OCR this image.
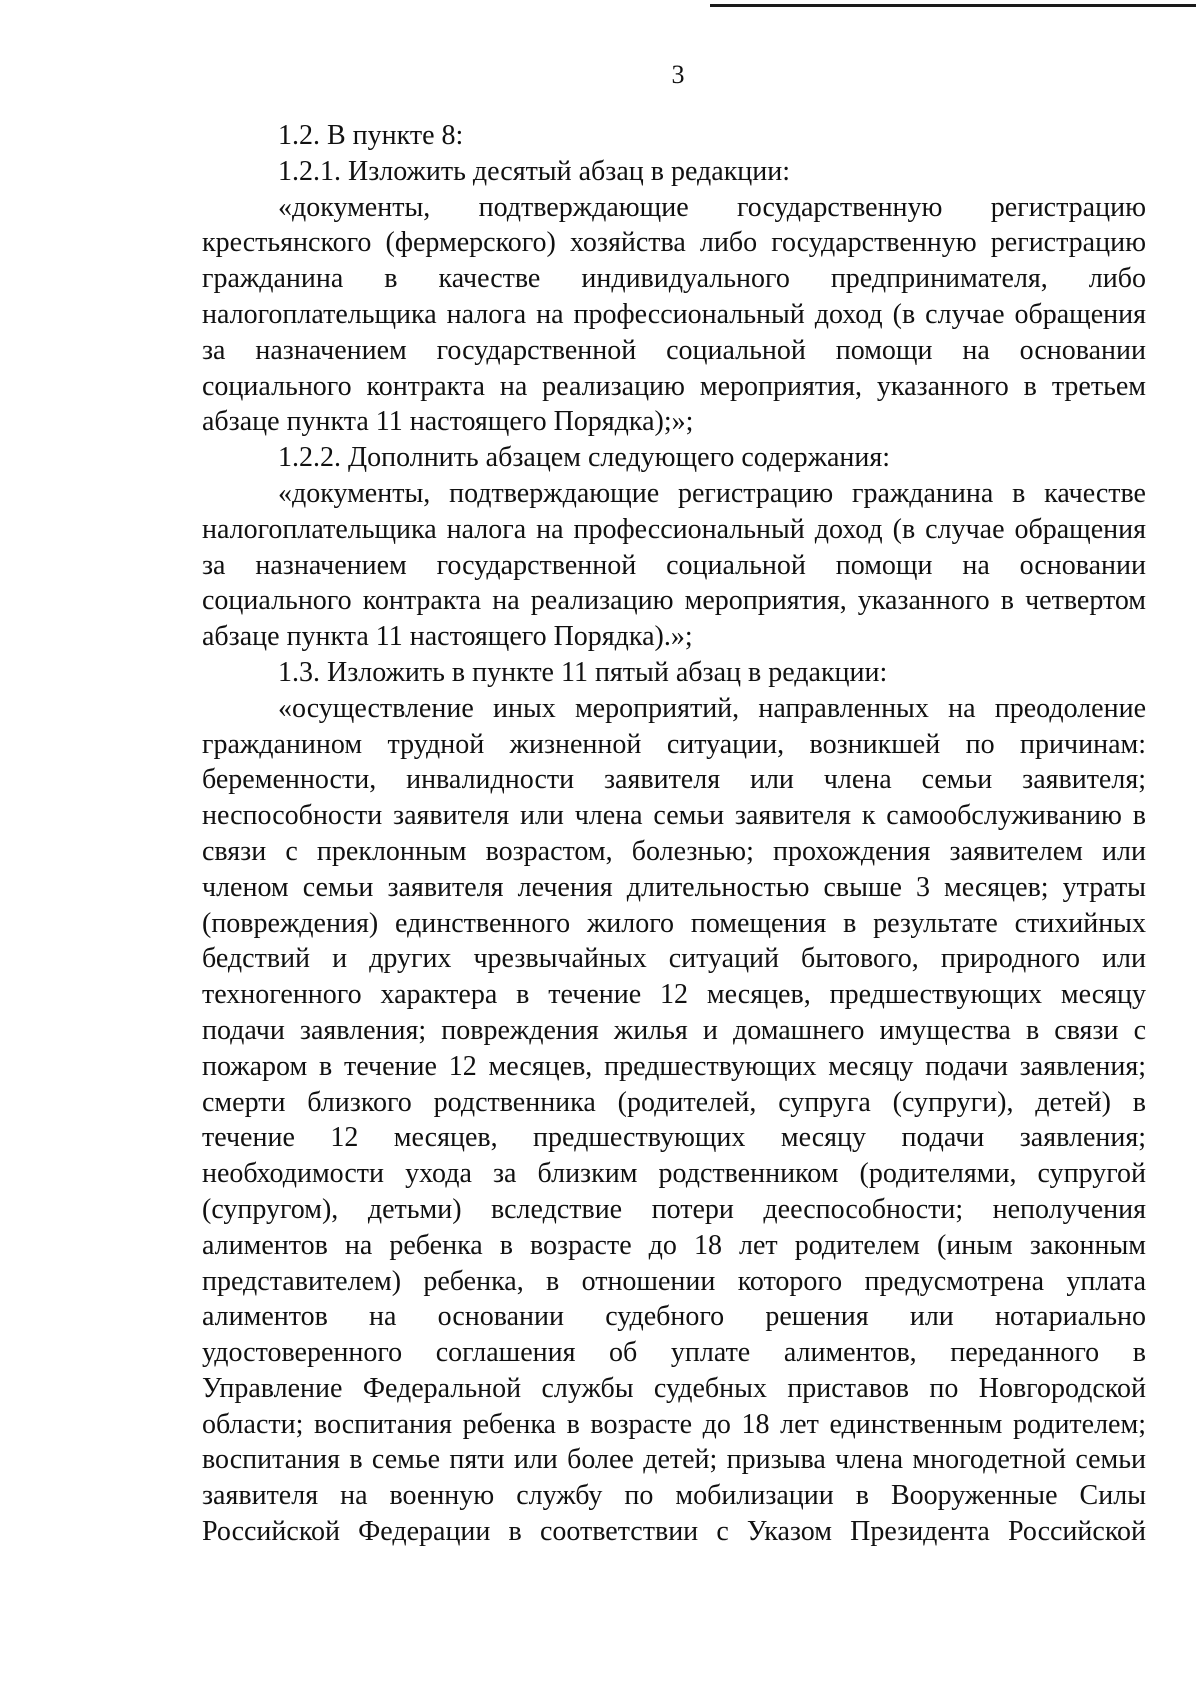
3
1.2. В пункте 8:
1.2.1. Изложить десятый абзац в редакции:
«документы, подтверждающие государственную регистрацию
крестьянского (фермерского) хозяйства либо государственную регистрацию
гражданина в качестве индивидуального предпринимателя, либо
налогоплательщика налога на профессиональный доход (в случае обращения
за назначением государственной социальной помощи на основании
социального контракта на реализацию мероприятия, указанного в третьем
абзаце пункта 11 настоящего Порядка);»;
1.2.2. Дополнить абзацем следующего содержания:
«документы, подтверждающие регистрацию гражданина в качестве
налогоплательщика налога на профессиональный доход (в случае обращения
за назначением государственной социальной помощи на основании
социального контракта на реализацию мероприятия, указанного в четвертом
абзаце пункта 11 настоящего Порядка).»;
1.3. Изложить в пункте 11 пятый абзац в редакции:
«осуществление иных мероприятий, направленных на преодоление
гражданином трудной жизненной ситуации, возникшей по причинам:
беременности, инвалидности заявителя или члена семьи заявителя;
неспособности заявителя или члена семьи заявителя к самообслуживанию в
связи с преклонным возрастом, болезнью; прохождения заявителем или
членом семьи заявителя лечения длительностью свыше 3 месяцев; утраты
(повреждения) единственного жилого помещения в результате стихийных
бедствий и других чрезвычайных ситуаций бытового, природного или
техногенного характера в течение 12 месяцев, предшествующих месяцу
подачи заявления; повреждения жилья и домашнего имущества в связи с
пожаром в течение 12 месяцев, предшествующих месяцу подачи заявления;
смерти близкого родственника (родителей, супруга (супруги), детей) в
течение 12 месяцев, предшествующих месяцу подачи заявления;
необходимости ухода за близким родственником (родителями, супругой
(супругом), детьми) вследствие потери дееспособности; неполучения
алиментов на ребенка в возрасте до 18 лет родителем (иным законным
представителем) ребенка, в отношении которого предусмотрена уплата
алиментов на основании судебного решения или нотариально
удостоверенного соглашения об уплате алиментов, переданного в
Управление Федеральной службы судебных приставов по Новгородской
области; воспитания ребенка в возрасте до 18 лет единственным родителем;
воспитания в семье пяти или более детей; призыва члена многодетной семьи
заявителя на военную службу по мобилизации в Вооруженные Силы
Российской Федерации в соответствии с Указом Президента Российской
